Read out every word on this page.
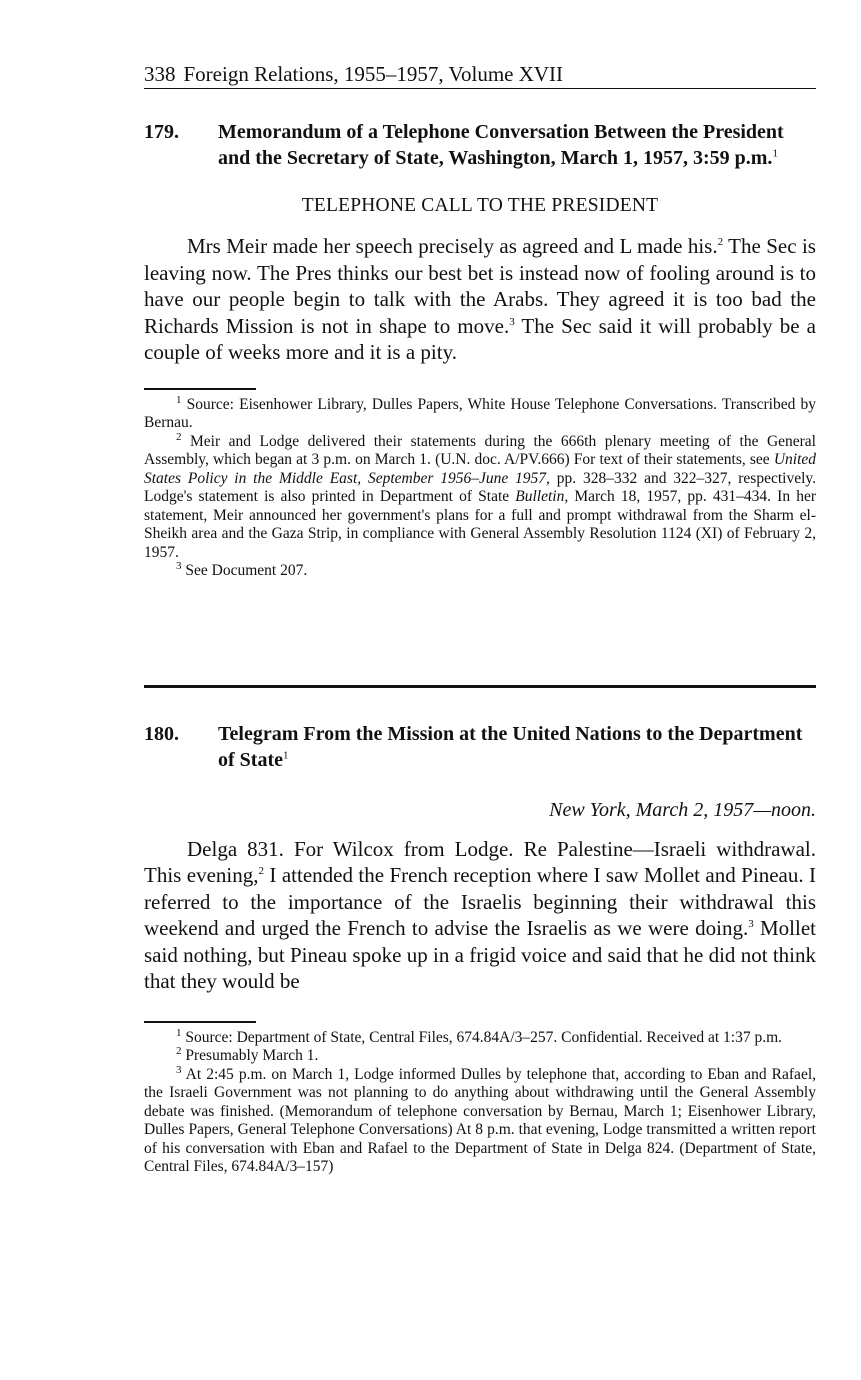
338 Foreign Relations, 1955–1957, Volume XVII
179.	Memorandum of a Telephone Conversation Between the President and the Secretary of State, Washington, March 1, 1957, 3:59 p.m.$^1$
TELEPHONE CALL TO THE PRESIDENT

Mrs Meir made her speech precisely as agreed and L made his.$^2$ The Sec is leaving now. The Pres thinks our best bet is instead now of fooling around is to have our people begin to talk with the Arabs. They agreed it is too bad the Richards Mission is not in shape to move.$^3$ The Sec said it will probably be a couple of weeks more and it is a pity.

$^1$ Source: Eisenhower Library, Dulles Papers, White House Telephone Conversations. Transcribed by Bernau.

$^2$ Meir and Lodge delivered their statements during the 666th plenary meeting of the General Assembly, which began at 3 p.m. on March 1. (U.N. doc. A/PV.666) For text of their statements, see United States Policy in the Middle East, September 1956–June 1957, pp. 328–332 and 322–327, respectively. Lodge's statement is also printed in Department of State Bulletin, March 18, 1957, pp. 431–434. In her statement, Meir announced her government's plans for a full and prompt withdrawal from the Sharm el-Sheikh area and the Gaza Strip, in compliance with General Assembly Resolution 1124 (XI) of February 2, 1957.

$^3$ See Document 207.

180.	Telegram From the Mission at the United Nations to the Department of State$^1$
New York, March 2, 1957—noon.

Delga 831. For Wilcox from Lodge. Re Palestine—Israeli withdrawal. This evening,$^2$ I attended the French reception where I saw Mollet and Pineau. I referred to the importance of the Israelis beginning their withdrawal this weekend and urged the French to advise the Israelis as we were doing.$^3$ Mollet said nothing, but Pineau spoke up in a frigid voice and said that he did not think that they would be

$^1$ Source: Department of State, Central Files, 674.84A/3–257. Confidential. Received at 1:37 p.m.

$^2$ Presumably March 1.

$^3$ At 2:45 p.m. on March 1, Lodge informed Dulles by telephone that, according to Eban and Rafael, the Israeli Government was not planning to do anything about withdrawing until the General Assembly debate was finished. (Memorandum of telephone conversation by Bernau, March 1; Eisenhower Library, Dulles Papers, General Telephone Conversations) At 8 p.m. that evening, Lodge transmitted a written report of his conversation with Eban and Rafael to the Department of State in Delga 824. (Department of State, Central Files, 674.84A/3–157)
